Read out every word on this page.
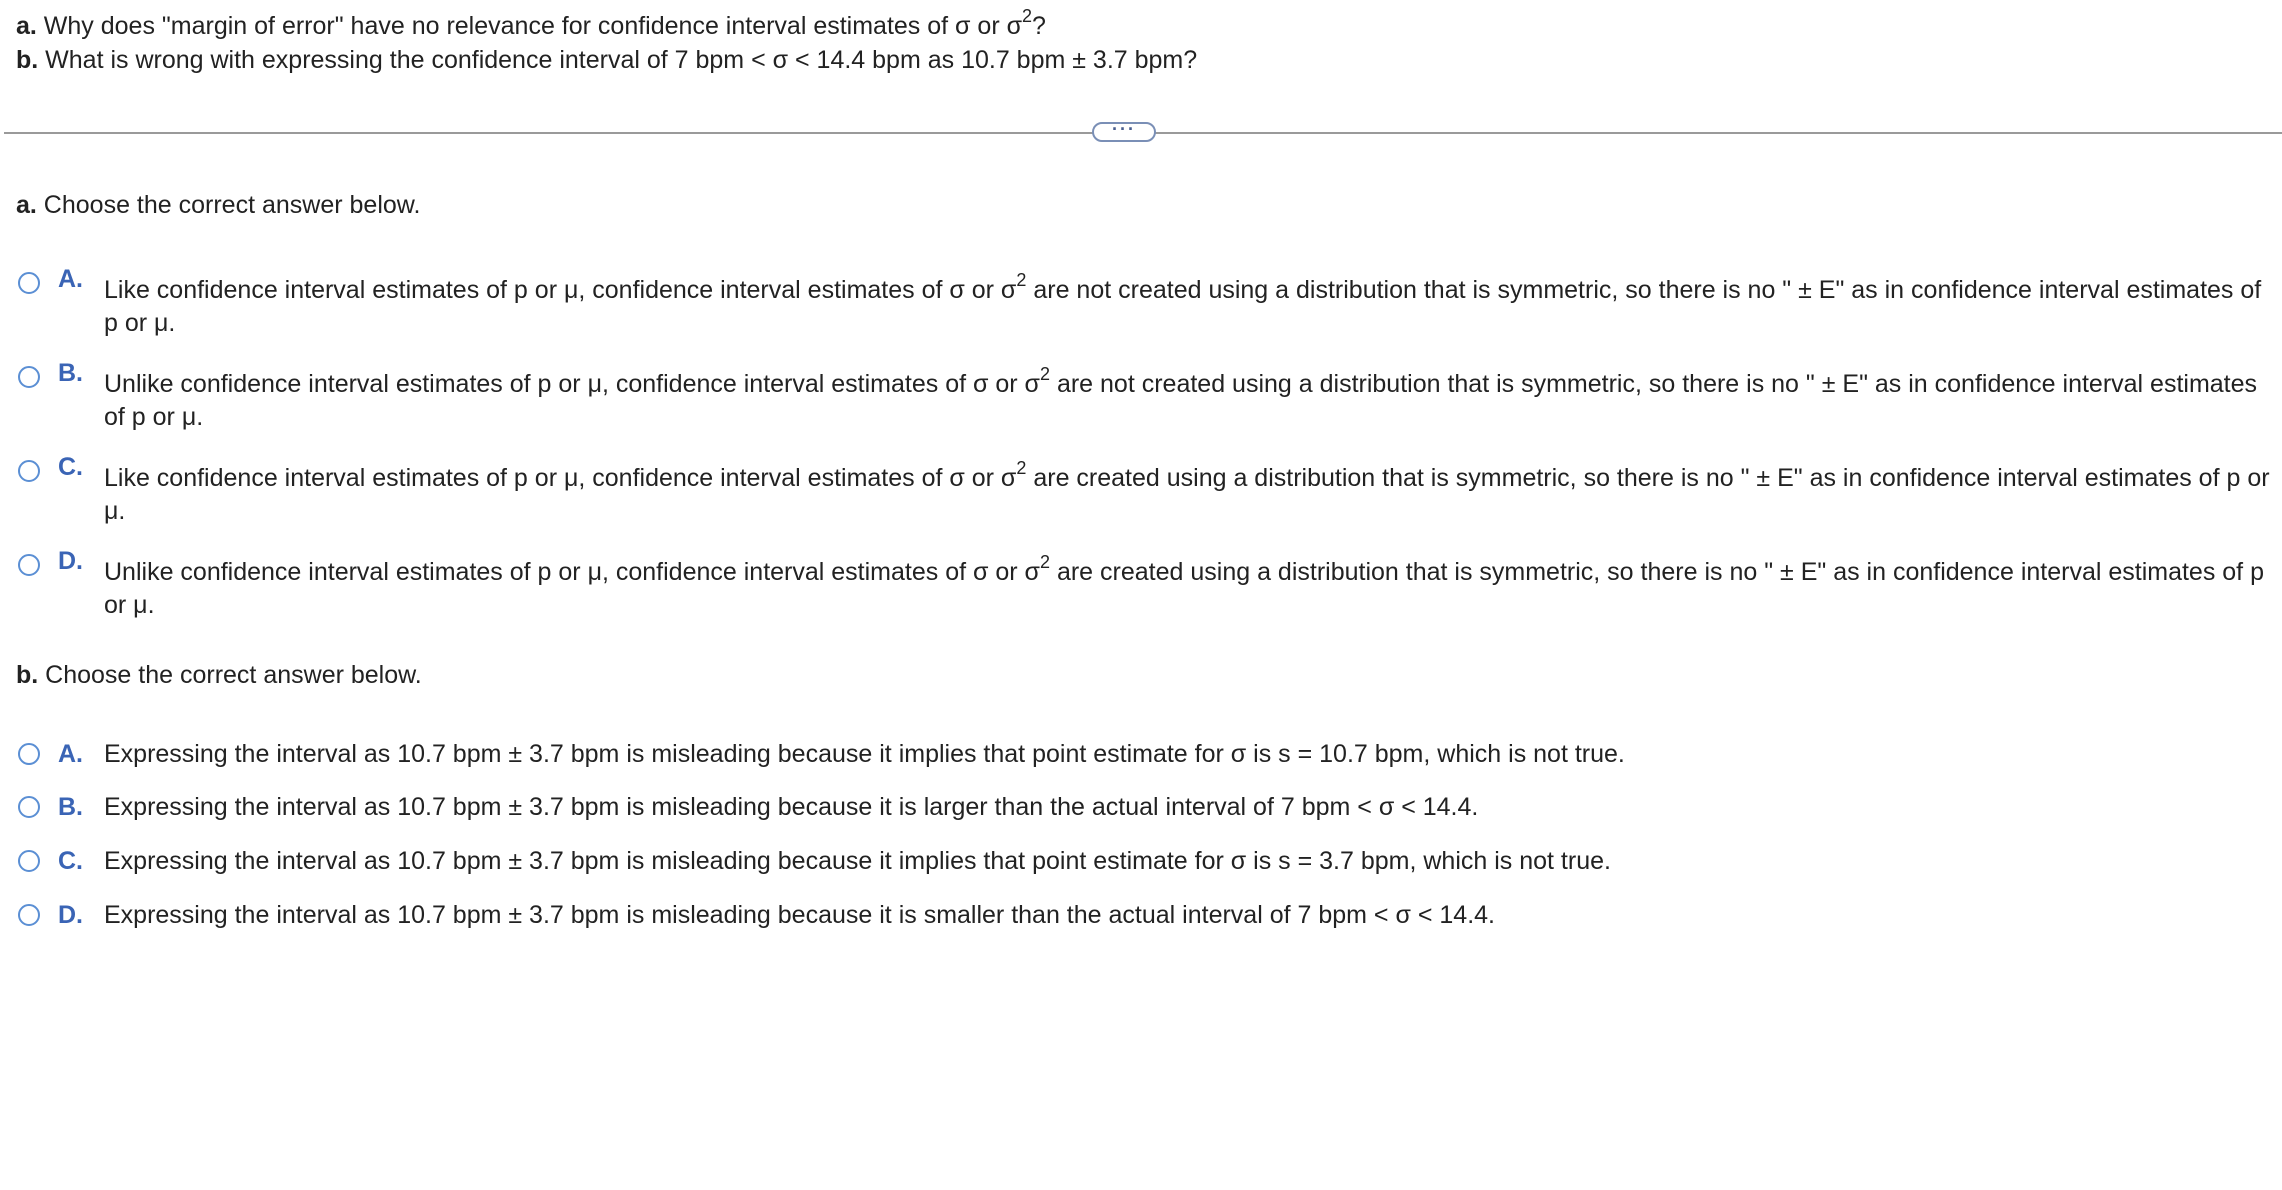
a. Why does "margin of error" have no relevance for confidence interval estimates of σ or $\sigma^2$?
b. What is wrong with expressing the confidence interval of 7 bpm < σ < 14.4 bpm as 10.7 bpm ± 3.7 bpm?
···
a. Choose the correct answer below.
A. Like confidence interval estimates of p or μ, confidence interval estimates of σ or $\sigma^2$ are not created using a distribution that is symmetric, so there is no " ± E" as in confidence interval estimates of p or μ.
B. Unlike confidence interval estimates of p or μ, confidence interval estimates of σ or $\sigma^2$ are not created using a distribution that is symmetric, so there is no " ± E" as in confidence interval estimates of p or μ.
C. Like confidence interval estimates of p or μ, confidence interval estimates of σ or $\sigma^2$ are created using a distribution that is symmetric, so there is no " ± E" as in confidence interval estimates of p or μ.
D. Unlike confidence interval estimates of p or μ, confidence interval estimates of σ or $\sigma^2$ are created using a distribution that is symmetric, so there is no " ± E" as in confidence interval estimates of p or μ.
b. Choose the correct answer below.
A. Expressing the interval as 10.7 bpm ± 3.7 bpm is misleading because it implies that point estimate for σ is s = 10.7 bpm, which is not true.
B. Expressing the interval as 10.7 bpm ± 3.7 bpm is misleading because it is larger than the actual interval of 7 bpm < σ < 14.4.
C. Expressing the interval as 10.7 bpm ± 3.7 bpm is misleading because it implies that point estimate for σ is s = 3.7 bpm, which is not true.
D. Expressing the interval as 10.7 bpm ± 3.7 bpm is misleading because it is smaller than the actual interval of 7 bpm < σ < 14.4.
